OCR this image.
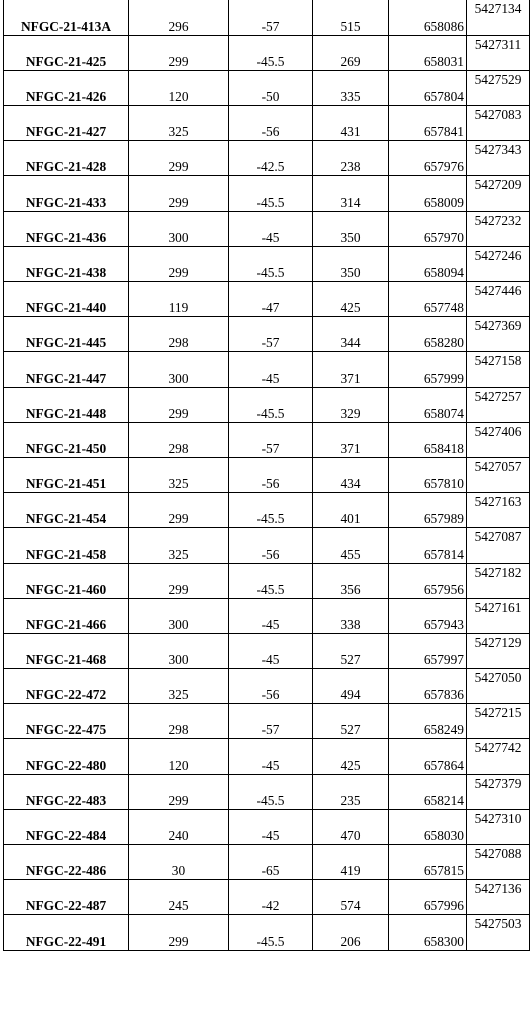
NFGC-21-413A	296	-57	515	658086	5427134
NFGC-21-425	299	-45.5	269	658031	5427311
NFGC-21-426	120	-50	335	657804	5427529
NFGC-21-427	325	-56	431	657841	5427083
NFGC-21-428	299	-42.5	238	657976	5427343
NFGC-21-433	299	-45.5	314	658009	5427209
NFGC-21-436	300	-45	350	657970	5427232
NFGC-21-438	299	-45.5	350	658094	5427246
NFGC-21-440	119	-47	425	657748	5427446
NFGC-21-445	298	-57	344	658280	5427369
NFGC-21-447	300	-45	371	657999	5427158
NFGC-21-448	299	-45.5	329	658074	5427257
NFGC-21-450	298	-57	371	658418	5427406
NFGC-21-451	325	-56	434	657810	5427057
NFGC-21-454	299	-45.5	401	657989	5427163
NFGC-21-458	325	-56	455	657814	5427087
NFGC-21-460	299	-45.5	356	657956	5427182
NFGC-21-466	300	-45	338	657943	5427161
NFGC-21-468	300	-45	527	657997	5427129
NFGC-22-472	325	-56	494	657836	5427050
NFGC-22-475	298	-57	527	658249	5427215
NFGC-22-480	120	-45	425	657864	5427742
NFGC-22-483	299	-45.5	235	658214	5427379
NFGC-22-484	240	-45	470	658030	5427310
NFGC-22-486	30	-65	419	657815	5427088
NFGC-22-487	245	-42	574	657996	5427136
NFGC-22-491	299	-45.5	206	658300	5427503
